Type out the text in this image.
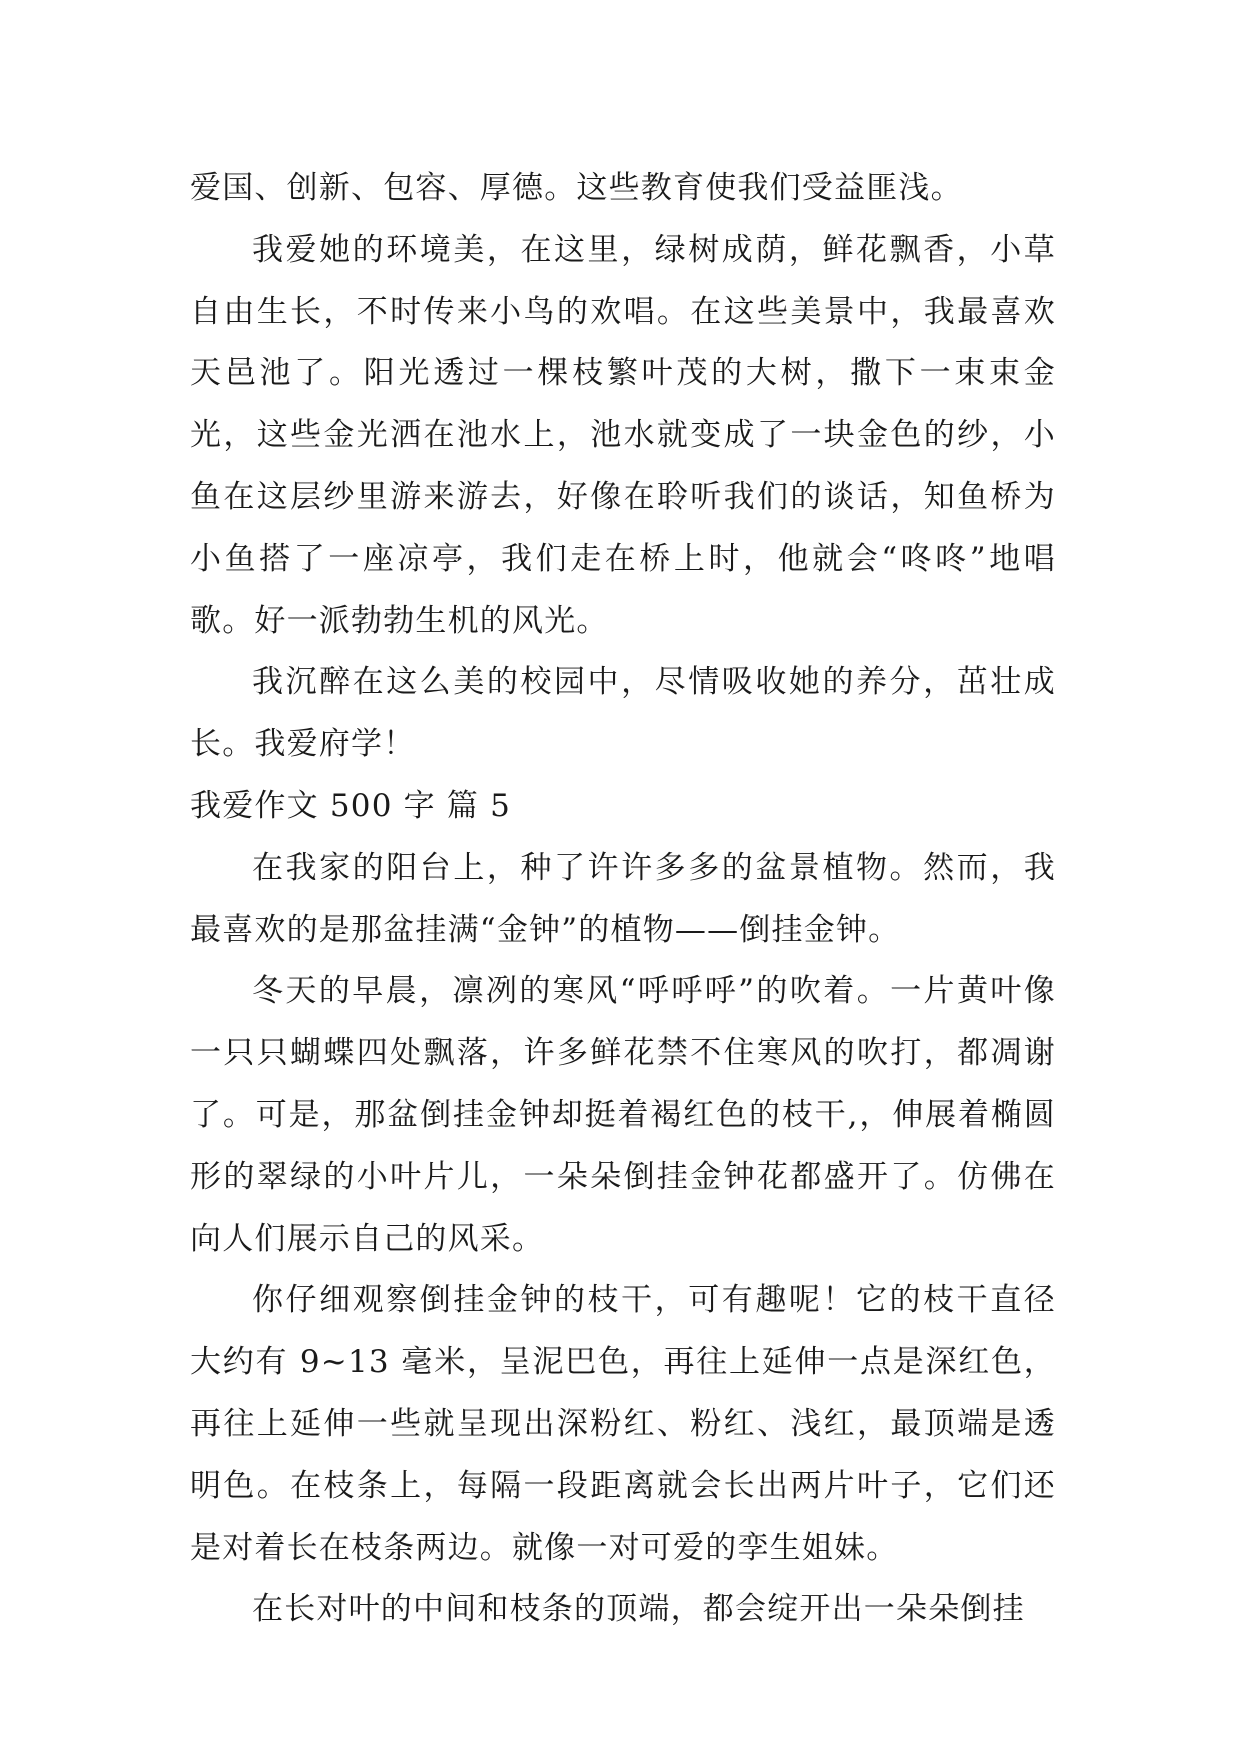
爱国、创新、包容、厚德。这些教育使我们受益匪浅。

我爱她的环境美，在这里，绿树成荫，鲜花飘香，小草自由生长，不时传来小鸟的欢唱。在这些美景中，我最喜欢天邑池了。阳光透过一棵枝繁叶茂的大树，撒下一束束金光，这些金光洒在池水上，池水就变成了一块金色的纱，小鱼在这层纱里游来游去，好像在聆听我们的谈话，知鱼桥为小鱼搭了一座凉亭，我们走在桥上时，他就会“咚咚”地唱歌。好一派勃勃生机的风光。

我沉醉在这么美的校园中，尽情吸收她的养分，茁壮成长。我爱府学！

我爱作文 500 字 篇 5

在我家的阳台上，种了许许多多的盆景植物。然而，我最喜欢的是那盆挂满“金钟”的植物——倒挂金钟。

冬天的早晨，凛冽的寒风“呼呼呼”的吹着。一片黄叶像一只只蝴蝶四处飘落，许多鲜花禁不住寒风的吹打，都凋谢了。可是，那盆倒挂金钟却挺着褐红色的枝干,，伸展着椭圆形的翠绿的小叶片儿，一朵朵倒挂金钟花都盛开了。仿佛在向人们展示自己的风采。

你仔细观察倒挂金钟的枝干，可有趣呢！它的枝干直径大约有 9~13 毫米，呈泥巴色，再往上延伸一点是深红色，再往上延伸一些就呈现出深粉红、粉红、浅红，最顶端是透明色。在枝条上，每隔一段距离就会长出两片叶子，它们还是对着长在枝条两边。就像一对可爱的孪生姐妹。

在长对叶的中间和枝条的顶端，都会绽开出一朵朵倒挂
